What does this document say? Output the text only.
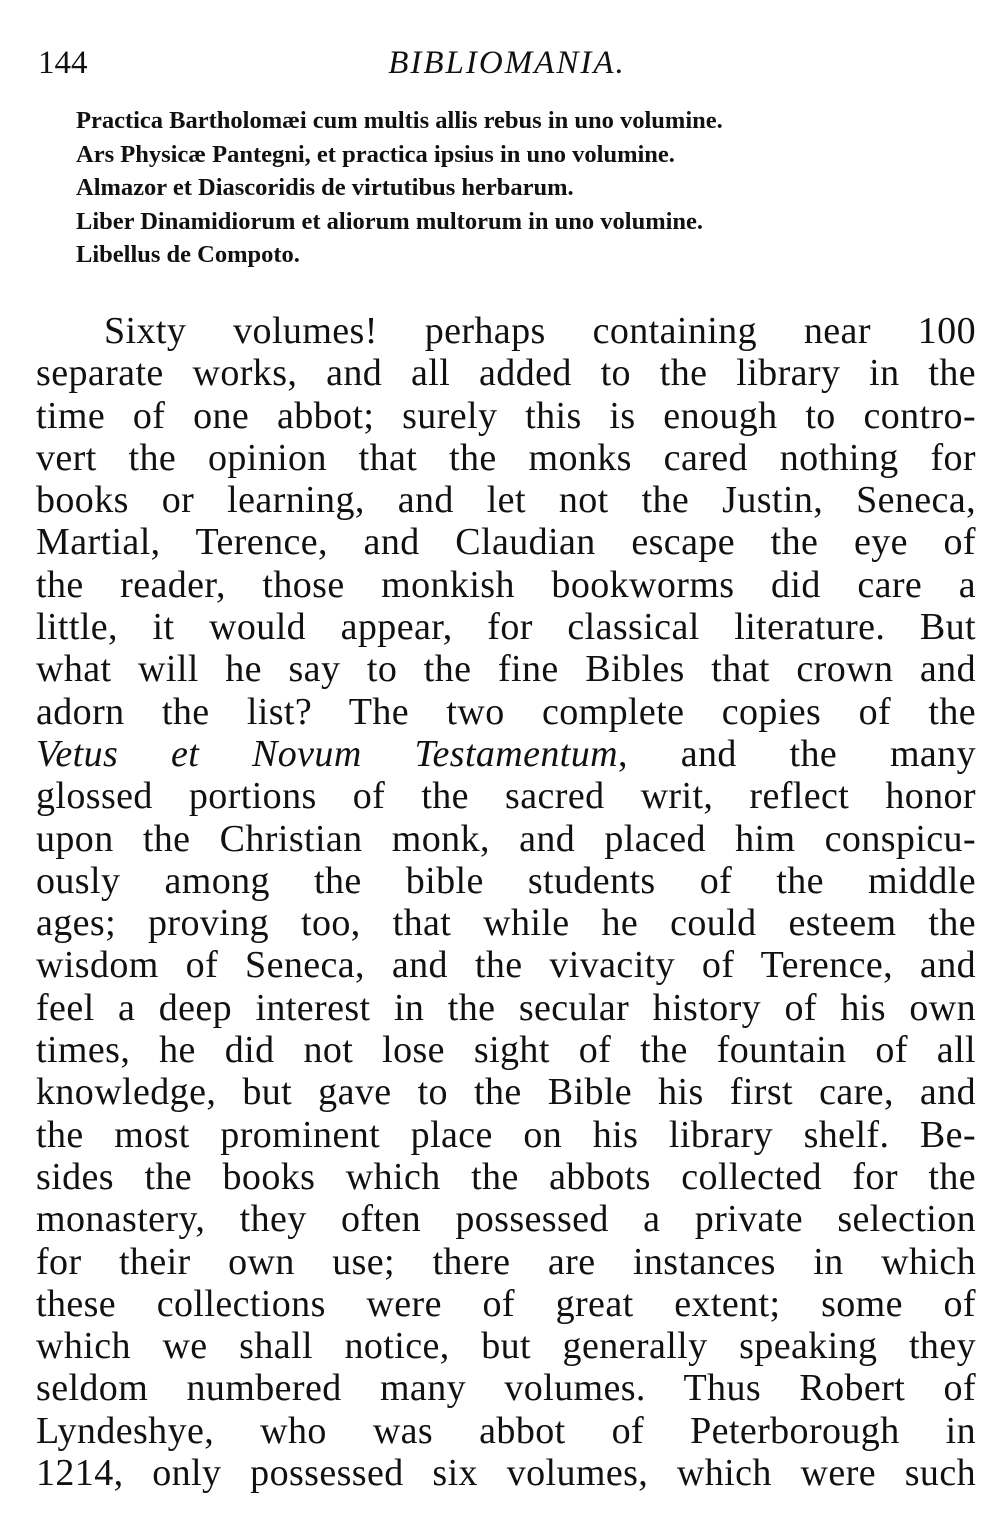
144	BIBLIOMANIA.
Practica Bartholomæi cum multis allis rebus in uno volumine.
Ars Physicæ Pantegni, et practica ipsius in uno volumine.
Almazor et Diascoridis de virtutibus herbarum.
Liber Dinamidiorum et aliorum multorum in uno volumine.
Libellus de Compoto.
Sixty volumes! perhaps containing near 100
separate works, and all added to the library in the
time of one abbot; surely this is enough to contro-
vert the opinion that the monks cared nothing for
books or learning, and let not the Justin, Seneca,
Martial, Terence, and Claudian escape the eye of
the reader, those monkish bookworms did care a
little, it would appear, for classical literature. But
what will he say to the fine Bibles that crown and
adorn the list? The two complete copies of the
Vetus et Novum Testamentum, and the many
glossed portions of the sacred writ, reflect honor
upon the Christian monk, and placed him conspicu-
ously among the bible students of the middle
ages; proving too, that while he could esteem the
wisdom of Seneca, and the vivacity of Terence, and
feel a deep interest in the secular history of his own
times, he did not lose sight of the fountain of all
knowledge, but gave to the Bible his first care, and
the most prominent place on his library shelf. Be-
sides the books which the abbots collected for the
monastery, they often possessed a private selection
for their own use; there are instances in which
these collections were of great extent; some of
which we shall notice, but generally speaking they
seldom numbered many volumes. Thus Robert of
Lyndeshye, who was abbot of Peterborough in
1214, only possessed six volumes, which were such
